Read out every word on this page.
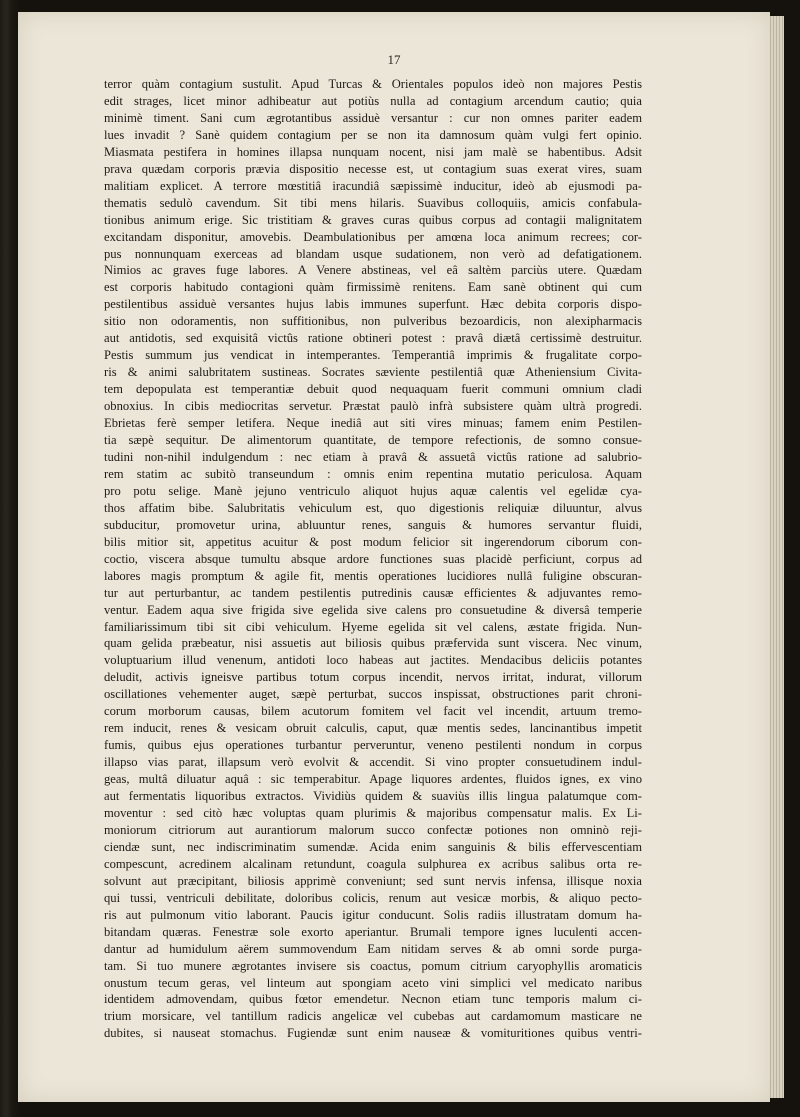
17
terror quàm contagium sustulit. Apud Turcas & Orientales populos ideò non majores Pestis
edit strages, licet minor adhibeatur aut potiùs nulla ad contagium arcendum cautio; quia
minimè timent. Sani cum ægrotantibus assiduè versantur : cur non omnes pariter eadem
lues invadit ? Sanè quidem contagium per se non ita damnosum quàm vulgi fert opinio.
Miasmata pestifera in homines illapsa nunquam nocent, nisi jam malè se habentibus. Adsit
prava quædam corporis prævia dispositio necesse est, ut contagium suas exerat vires, suam
malitiam explicet. A terrore mœstitiâ iracundiâ sæpissimè inducitur, ideò ab ejusmodi pa-
thematis sedulò cavendum. Sit tibi mens hilaris. Suavibus colloquiis, amicis confabula-
tionibus animum erige. Sic tristitiam & graves curas quibus corpus ad contagii malignitatem
excitandam disponitur, amovebis. Deambulationibus per amœna loca animum recrees; cor-
pus nonnunquam exerceas ad blandam usque sudationem, non verò ad defatigationem.
Nimios ac graves fuge labores. A Venere abstineas, vel eâ saltèm parciùs utere. Quædam
est corporis habitudo contagioni quàm firmissimè renitens. Eam sanè obtinent qui cum
pestilentibus assiduè versantes hujus labis immunes superfunt. Hæc debita corporis dispo-
sitio non odoramentis, non suffitionibus, non pulveribus bezoardicis, non alexipharmacis
aut antidotis, sed exquisitâ victûs ratione obtineri potest : pravâ diætâ certissimè destruitur.
Pestis summum jus vendicat in intemperantes. Temperantiâ imprimis & frugalitate corpo-
ris & animi salubritatem sustineas. Socrates sæviente pestilentiâ quæ Atheniensium Civita-
tem depopulata est temperantiæ debuit quod nequaquam fuerit communi omnium cladi
obnoxius. In cibis mediocritas servetur. Præstat paulò infrà subsistere quàm ultrà progredi.
Ebrietas ferè semper letifera. Neque inediâ aut siti vires minuas; famem enim Pestilen-
tia sæpè sequitur. De alimentorum quantitate, de tempore refectionis, de somno consue-
tudini non-nihil indulgendum : nec etiam à pravâ & assuetâ victûs ratione ad salubrio-
rem statim ac subitò transeundum : omnis enim repentina mutatio periculosa. Aquam
pro potu selige. Manè jejuno ventriculo aliquot hujus aquæ calentis vel egelidæ cya-
thos affatim bibe. Salubritatis vehiculum est, quo digestionis reliquiæ diluuntur, alvus
subducitur, promovetur urina, abluuntur renes, sanguis & humores servantur fluidi,
bilis mitior sit, appetitus acuitur & post modum felicior sit ingerendorum ciborum con-
coctio, viscera absque tumultu absque ardore functiones suas placidè perficiunt, corpus ad
labores magis promptum & agile fit, mentis operationes lucidiores nullâ fuligine obscuran-
tur aut perturbantur, ac tandem pestilentis putredinis causæ efficientes & adjuvantes remo-
ventur. Eadem aqua sive frigida sive egelida sive calens pro consuetudine & diversâ temperie
familiarissimum tibi sit cibi vehiculum. Hyeme egelida sit vel calens, æstate frigida. Nun-
quam gelida præbeatur, nisi assuetis aut biliosis quibus præfervida sunt viscera. Nec vinum,
voluptuarium illud venenum, antidoti loco habeas aut jactites. Mendacibus deliciis potantes
deludit, activis igneisve partibus totum corpus incendit, nervos irritat, indurat, villorum
oscillationes vehementer auget, sæpè perturbat, succos inspissat, obstructiones parit chroni-
corum morborum causas, bilem acutorum fomitem vel facit vel incendit, artuum tremo-
rem inducit, renes & vesicam obruit calculis, caput, quæ mentis sedes, lancinantibus impetit
fumis, quibus ejus operationes turbantur perveruntur, veneno pestilenti nondum in corpus
illapso vias parat, illapsum verò evolvit & accendit. Si vino propter consuetudinem indul-
geas, multâ diluatur aquâ : sic temperabitur. Apage liquores ardentes, fluidos ignes, ex vino
aut fermentatis liquoribus extractos. Vividiùs quidem & suaviùs illis lingua palatumque com-
moventur : sed citò hæc voluptas quam plurimis & majoribus compensatur malis. Ex Li-
moniorum citriorum aut aurantiorum malorum succo confectæ potiones non omninò reji-
ciendæ sunt, nec indiscriminatim sumendæ. Acida enim sanguinis & bilis effervescentiam
compescunt, acredinem alcalinam retundunt, coagula sulphurea ex acribus salibus orta re-
solvunt aut præcipitant, biliosis apprimè conveniunt; sed sunt nervis infensa, illisque noxia
qui tussi, ventriculi debilitate, doloribus colicis, renum aut vesicæ morbis, & aliquo pecto-
ris aut pulmonum vitio laborant. Paucis igitur conducunt. Solis radiis illustratam domum ha-
bitandam quæras. Fenestræ sole exorto aperiantur. Brumali tempore ignes luculenti accen-
dantur ad humidulum aërem summovendum Eam nitidam serves & ab omni sorde purga-
tam. Si tuo munere ægrotantes invisere sis coactus, pomum citrium caryophyllis aromaticis
onustum tecum geras, vel linteum aut spongiam aceto vini simplici vel medicato naribus
identidem admovendam, quibus fœtor emendetur. Necnon etiam tunc temporis malum ci-
trium morsicare, vel tantillum radicis angelicæ vel cubebas aut cardamomum masticare ne
dubites, si nauseat stomachus. Fugiendæ sunt enim nauseæ & vomituritiones quibus ventri-
